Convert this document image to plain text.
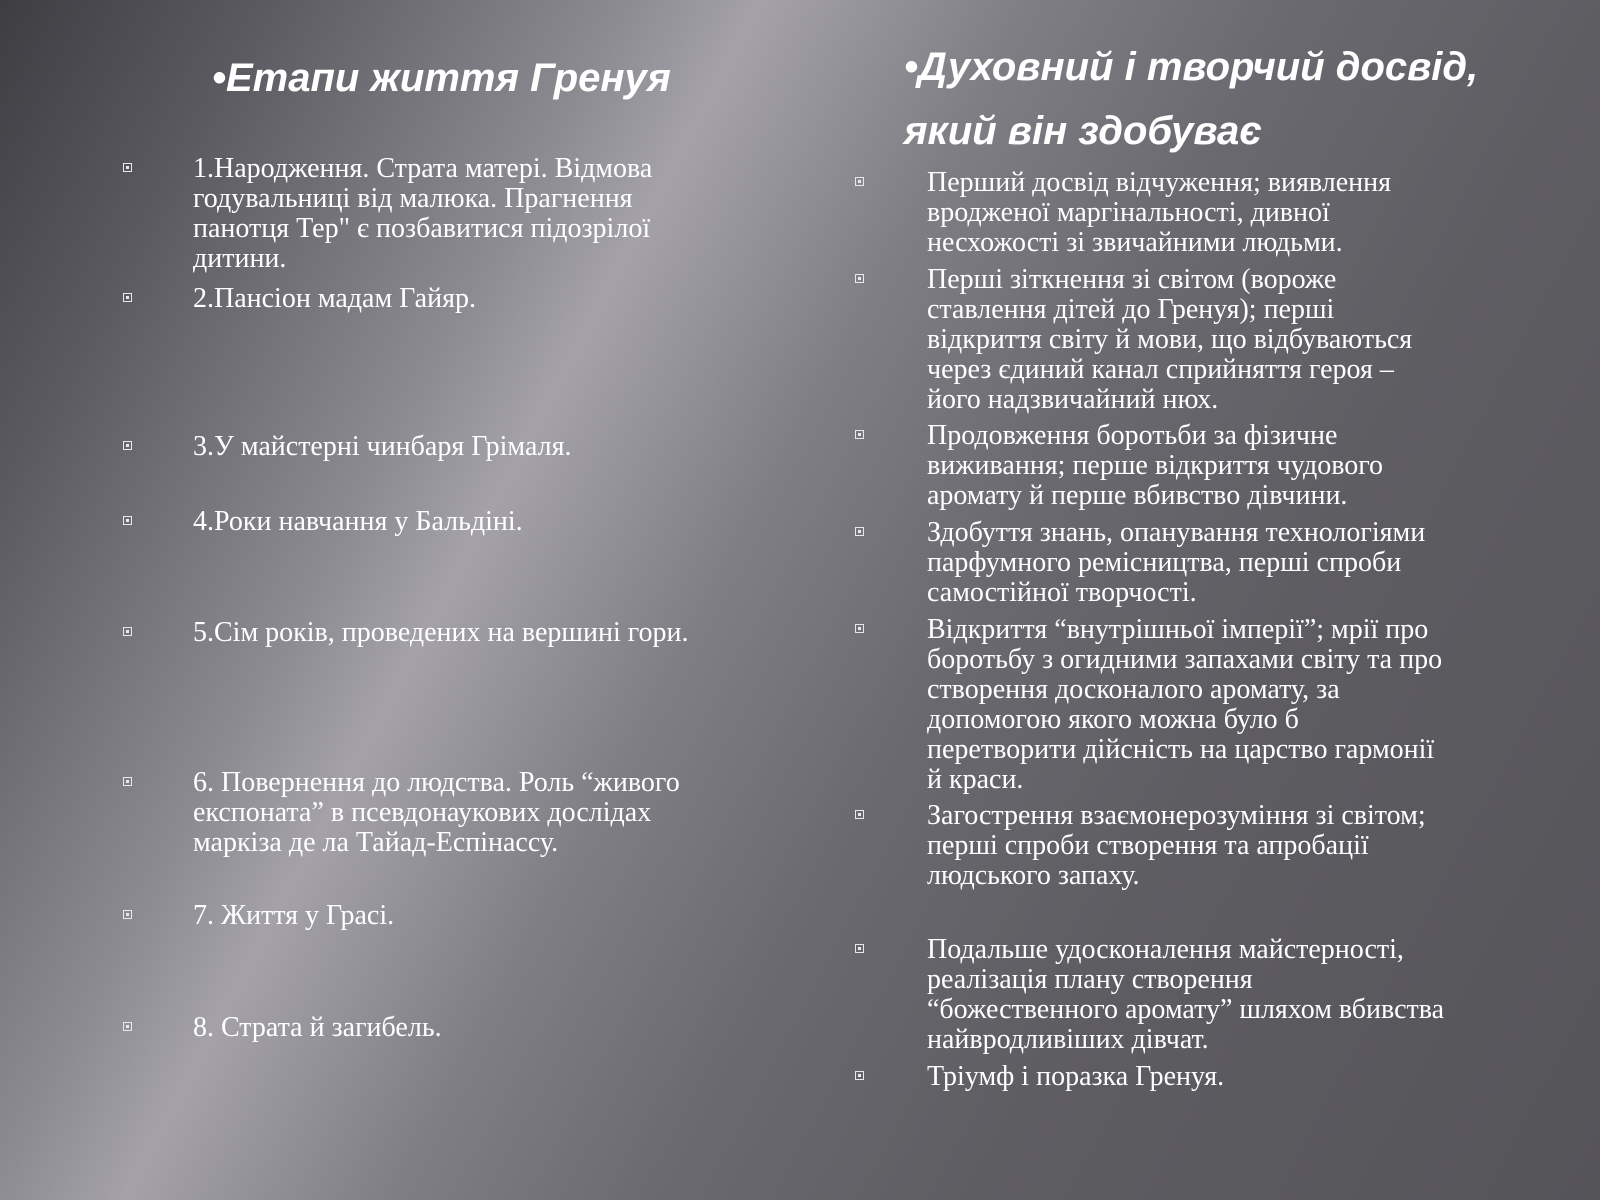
•Етапи життя Гренуя
1.Народження. Страта матері. Відмова
годувальниці від малюка. Прагнення
панотця Тер" є позбавитися підозрілої
дитини.
2.Пансіон мадам Гайяр.
3.У майстерні чинбаря Грімаля.
4.Роки навчання у Бальдіні.
5.Сім років, проведених на вершині гори.
6. Повернення до людства. Роль “живого
експоната” в псевдонаукових дослідах
маркіза де ла Тайад-Еспінассу.
7. Життя у Грасі.
8. Страта й загибель.
•Духовний і творчий досвід,
який він здобуває
Перший досвід відчуження; виявлення
вродженої маргінальності, дивної
несхожості зі звичайними людьми.
Перші зіткнення зі світом (вороже
ставлення дітей до Гренуя); перші
відкриття світу й мови, що відбуваються
через єдиний канал сприйняття героя –
його надзвичайний нюх.
Продовження боротьби за фізичне
виживання; перше відкриття чудового
аромату й перше вбивство дівчини.
Здобуття знань, опанування технологіями
парфумного ремісництва, перші спроби
самостійної творчості.
Відкриття “внутрішньої імперії”; мрії про
боротьбу з огидними запахами світу та про
створення досконалого аромату, за
допомогою якого можна було б
перетворити дійсність на царство гармонії
й краси.
Загострення взаємонерозуміння зі світом;
перші спроби створення та апробації
людського запаху.
Подальше удосконалення майстерності,
реалізація плану створення
“божественного аромату” шляхом вбивства
найвродливіших дівчат.
Тріумф і поразка Гренуя.
